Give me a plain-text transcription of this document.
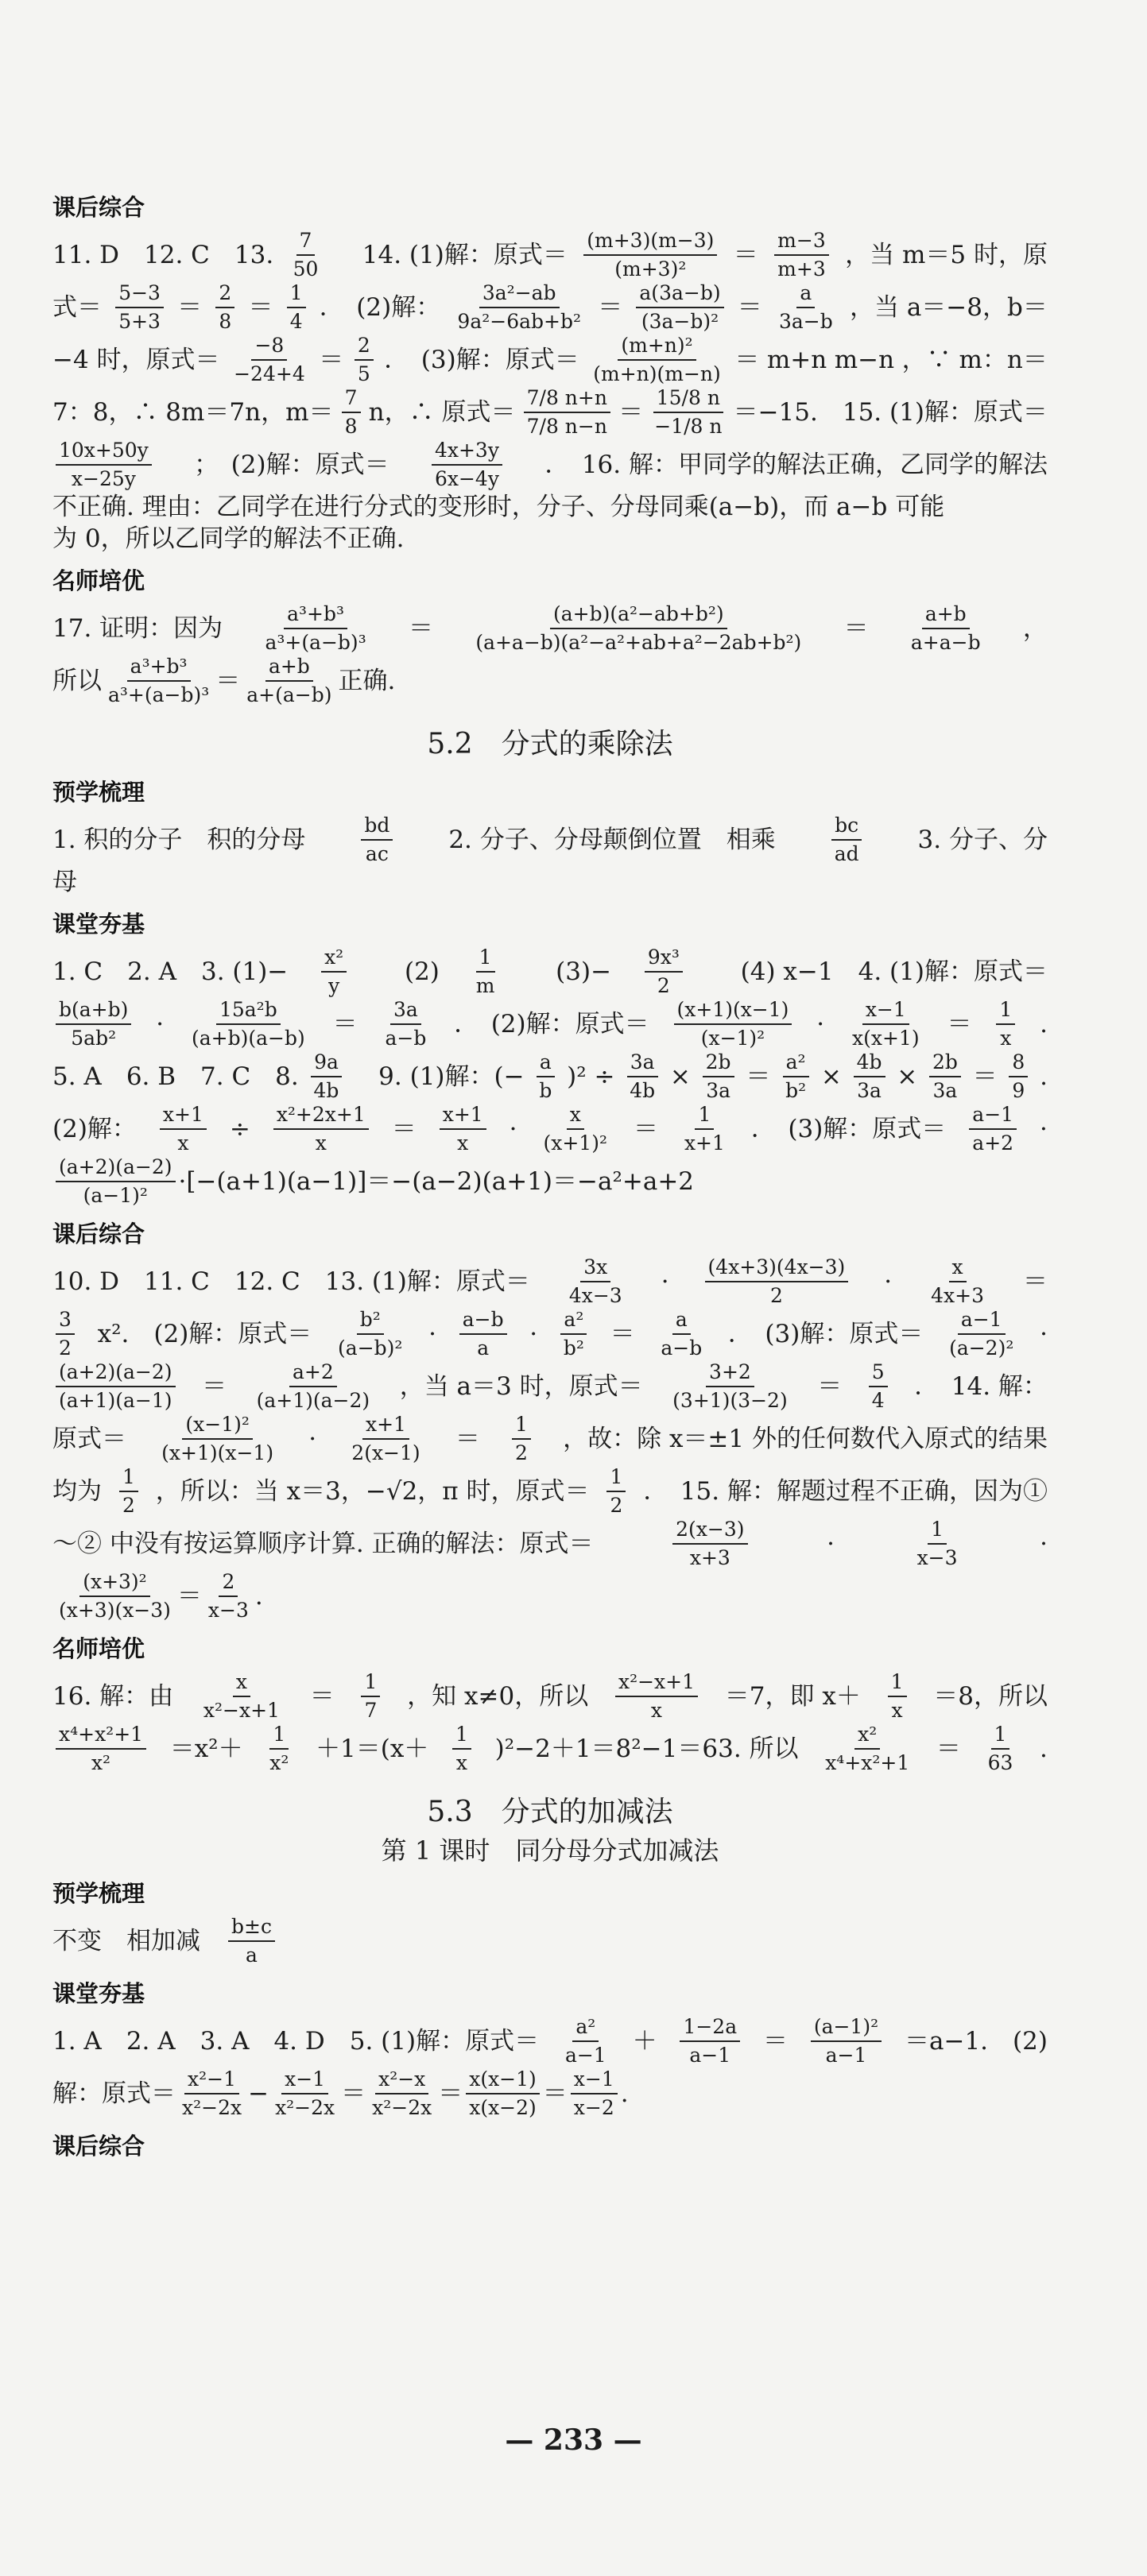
课后综合
11. D　12. C　13. $\frac{7}{50}$ 　14. (1)解：原式＝ $\frac{(m+3)(m-3)}{\text{(m+3)²}} = \frac{m-3}{m+3}$ ，当 m＝5 时，原
式＝ $\frac{5-3}{5+3} = \frac{2}{8} = \frac{1}{4}$ ．　(2)解： $\frac{\text{3a²−ab}}{\text{9a²−6ab+b²}} = \frac{a(3a-b)}{\text{(3a−b)²}} = \frac{a}{3a-b}$ ，当 a＝−8，b＝
−4 时，原式＝ $\frac{-8}{-24+4} = \frac{2}{5}$ ．　(3)解：原式＝ $\frac{\text{(m+n)²}}{(m+n)(m-n)} = m+n$ m−n ，∵ m：n＝
7：8，∴ 8m＝7n，$m= \frac{7}{8}$ n，∴ 原式＝ $\frac{7/8 n+n}{7/8 n-n} = \frac{15/8 n}{-1/8 n} =-15$.　15. (1)解：原式＝
$\frac{10x+50y}{x-25y}$ ；　(2)解：原式＝ $\frac{4x+3y}{6x-4y}$ ．　16. 解：甲同学的解法正确，乙同学的解法
不正确. 理由：乙同学在进行分式的变形时，分子、分母同乘(a−b)，而 a−b 可能
为 0，所以乙同学的解法不正确.
名师培优
17. 证明：因为 $\frac{\text{a³+b³}}{\text{a³+(a−b)³}} = \frac{\text{(a+b)(a²−ab+b²)}}{\text{(a+a−b)(a²−a²+ab+a²−2ab+b²)}} = \frac{a+b}{a+a-b}$ ，
所以 $\frac{\text{a³+b³}}{\text{a³+(a−b)³}} = \frac{a+b}{a+(a-b)}$ 正确.
5.2　分式的乘除法
预学梳理
1. 积的分子　积的分母　 $\frac{bd}{ac}$ 　2. 分子、分母颠倒位置　相乘　 $\frac{bc}{ad}$ 　3. 分子、分
母
课堂夯基
1. C　2. A　3. $(1)- \frac{\text{x²}}{y}$ 　$(2) \frac{1}{m}$ 　$(3)- \frac{\text{9x³}}{2}$ 　(4) x−1　4. (1)解：原式＝
$\frac{b(a+b)}{\text{5ab²}} \cdot \frac{\text{15a²b}}{(a+b)(a-b)} = \frac{3a}{a-b}$ ．　(2)解：原式＝ $\frac{(x+1)(x-1)}{\text{(x−1)²}} \cdot \frac{x-1}{x(x+1)} = \frac{1}{x}$ .
5. A　6. B　7. C　8. $\frac{9a}{4b}$ 　9. (1)解：(− $\frac{a}{b} )^2 \div \frac{3a}{4b} \times \frac{2b}{3a} = \frac{\text{a²}}{\text{b²}} \times \frac{4b}{3a} \times \frac{2b}{3a} = \frac{8}{9}$ .
(2)解： $\frac{x+1}{x} \div \frac{\text{x²+2x+1}}{x} = \frac{x+1}{x} \cdot \frac{x}{\text{(x+1)²}} = \frac{1}{x+1}$ ．　(3)解：原式＝ $\frac{a-1}{a+2}$ ·
$\frac{(a+2)(a-2)}{\text{(a−1)²}} \cdot[-(a+1)(a-1)]=-(a-2)(a+1)=-a^2+a+2$
课后综合
10. D　11. C　12. C　13. (1)解：原式＝ $\frac{3x}{4x-3} \cdot \frac{(4x+3)(4x-3)}{2} \cdot \frac{x}{4x+3}$ ＝
$\frac{3}{2} x^2$.　(2)解：原式＝ $\frac{\text{b²}}{\text{(a−b)²}} \cdot \frac{a-b}{a} \cdot \frac{\text{a²}}{\text{b²}} = \frac{a}{a-b}$ ．　(3)解：原式＝ $\frac{a-1}{\text{(a−2)²}}$ ·
$\frac{(a+2)(a-2)}{(a+1)(a-1)} = \frac{a+2}{(a+1)(a-2)}$ ，当 a＝3 时，原式＝ $\frac{3+2}{(3+1)(3-2)} = \frac{5}{4}$ ．　14. 解：
原式＝ $\frac{\text{(x−1)²}}{(x+1)(x-1)} \cdot \frac{x+1}{2(x-1)} = \frac{1}{2}$ ，故：除 x＝±1 外的任何数代入原式的结果
均为 $\frac{1}{2}$ ，所以：当 x＝3，−√2，π 时，原式＝ $\frac{1}{2}$ ．　15. 解：解题过程不正确，因为①
～② 中没有按运算顺序计算. 正确的解法：原式＝	$\frac{2(x-3)}{x+3}$	·	$\frac{1}{x-3}$	·
$\frac{\text{(x+3)²}}{(x+3)(x-3)} = \frac{2}{x-3}$ .
名师培优
16. 解：由 $\frac{x}{\text{x²−x+1}} = \frac{1}{7}$ ，知 x≠0，所以 $\frac{\text{x²−x+1}}{x} =7$，即 $x+ \frac{1}{x} =8$，所以
$\frac{\text{x⁴+x²+1}}{\text{x²}} =x^2+ \frac{1}{\text{x²}} +1=(x+ \frac{1}{x} )^2-2+1=8^2-1=63$. 所以 $\frac{\text{x²}}{\text{x⁴+x²+1}} = \frac{1}{63}$ .
5.3　分式的加减法
第 1 课时　同分母分式加减法
预学梳理
不变　相加减　 $\frac{b\pm c}{a}$
课堂夯基
1. A　2. A　3. A　4. D　5. (1)解：原式＝ $\frac{\text{a²}}{a-1} + \frac{1-2a}{a-1} = \frac{\text{(a−1)²}}{a-1} =a-1$.　(2)
解：原式＝ $\frac{\text{x²−1}}{\text{x²−2x}} - \frac{x-1}{\text{x²−2x}} = \frac{\text{x²−x}}{\text{x²−2x}} = \frac{x(x-1)}{x(x-2)} = \frac{x-1}{x-2}$ .
课后综合
— 233 —
